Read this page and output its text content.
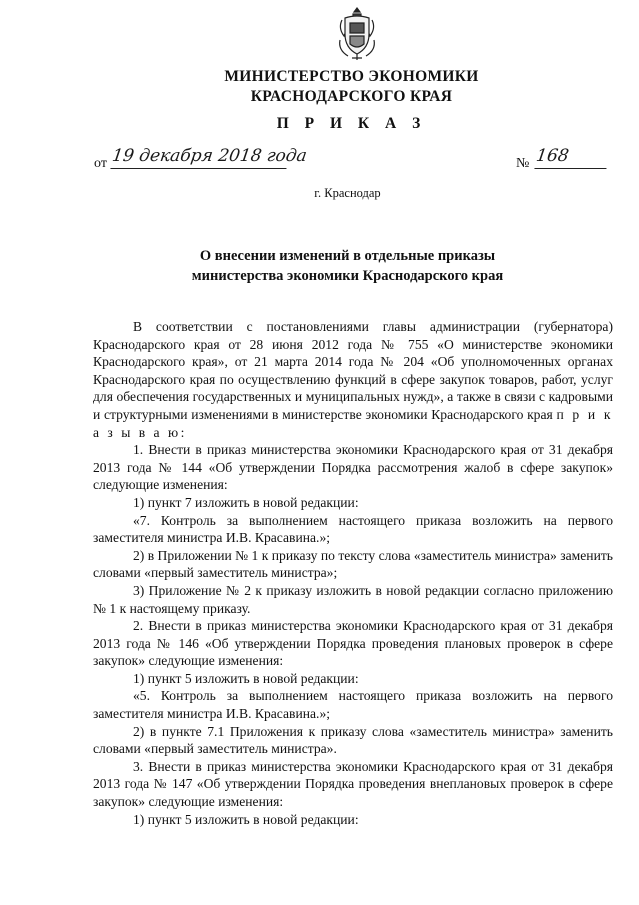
МИНИСТЕРСТВО ЭКОНОМИКИ
КРАСНОДАРСКОГО КРАЯ
П Р И К А З
от 19 декабря 2018 года	№ 168
г. Краснодар
О внесении изменений в отдельные приказы
министерства экономики Краснодарского края

В соответствии с постановлениями главы администрации (губернатора) Краснодарского края от 28 июня 2012 года № 755 «О министерстве экономики Краснодарского края», от 21 марта 2014 года № 204 «Об уполномоченных органах Краснодарского края по осуществлению функций в сфере закупок товаров, работ, услуг для обеспечения государственных и муниципальных нужд», а также в связи с кадровыми и структурными изменениями в министерстве экономики Краснодарского края п р и к а з ы в а ю:

1. Внести в приказ министерства экономики Краснодарского края от 31 декабря 2013 года № 144 «Об утверждении Порядка рассмотрения жалоб в сфере закупок» следующие изменения:

1) пункт 7 изложить в новой редакции:

«7. Контроль за выполнением настоящего приказа возложить на первого заместителя министра И.В. Красавина.»;

2) в Приложении № 1 к приказу по тексту слова «заместитель министра» заменить словами «первый заместитель министра»;

3) Приложение № 2 к приказу изложить в новой редакции согласно приложению № 1 к настоящему приказу.

2. Внести в приказ министерства экономики Краснодарского края от 31 декабря 2013 года № 146 «Об утверждении Порядка проведения плановых проверок в сфере закупок» следующие изменения:

1) пункт 5 изложить в новой редакции:

«5. Контроль за выполнением настоящего приказа возложить на первого заместителя министра И.В. Красавина.»;

2) в пункте 7.1 Приложения к приказу слова «заместитель министра» заменить словами «первый заместитель министра».

3. Внести в приказ министерства экономики Краснодарского края от 31 декабря 2013 года № 147 «Об утверждении Порядка проведения внеплановых проверок в сфере закупок» следующие изменения:

1) пункт 5 изложить в новой редакции:
